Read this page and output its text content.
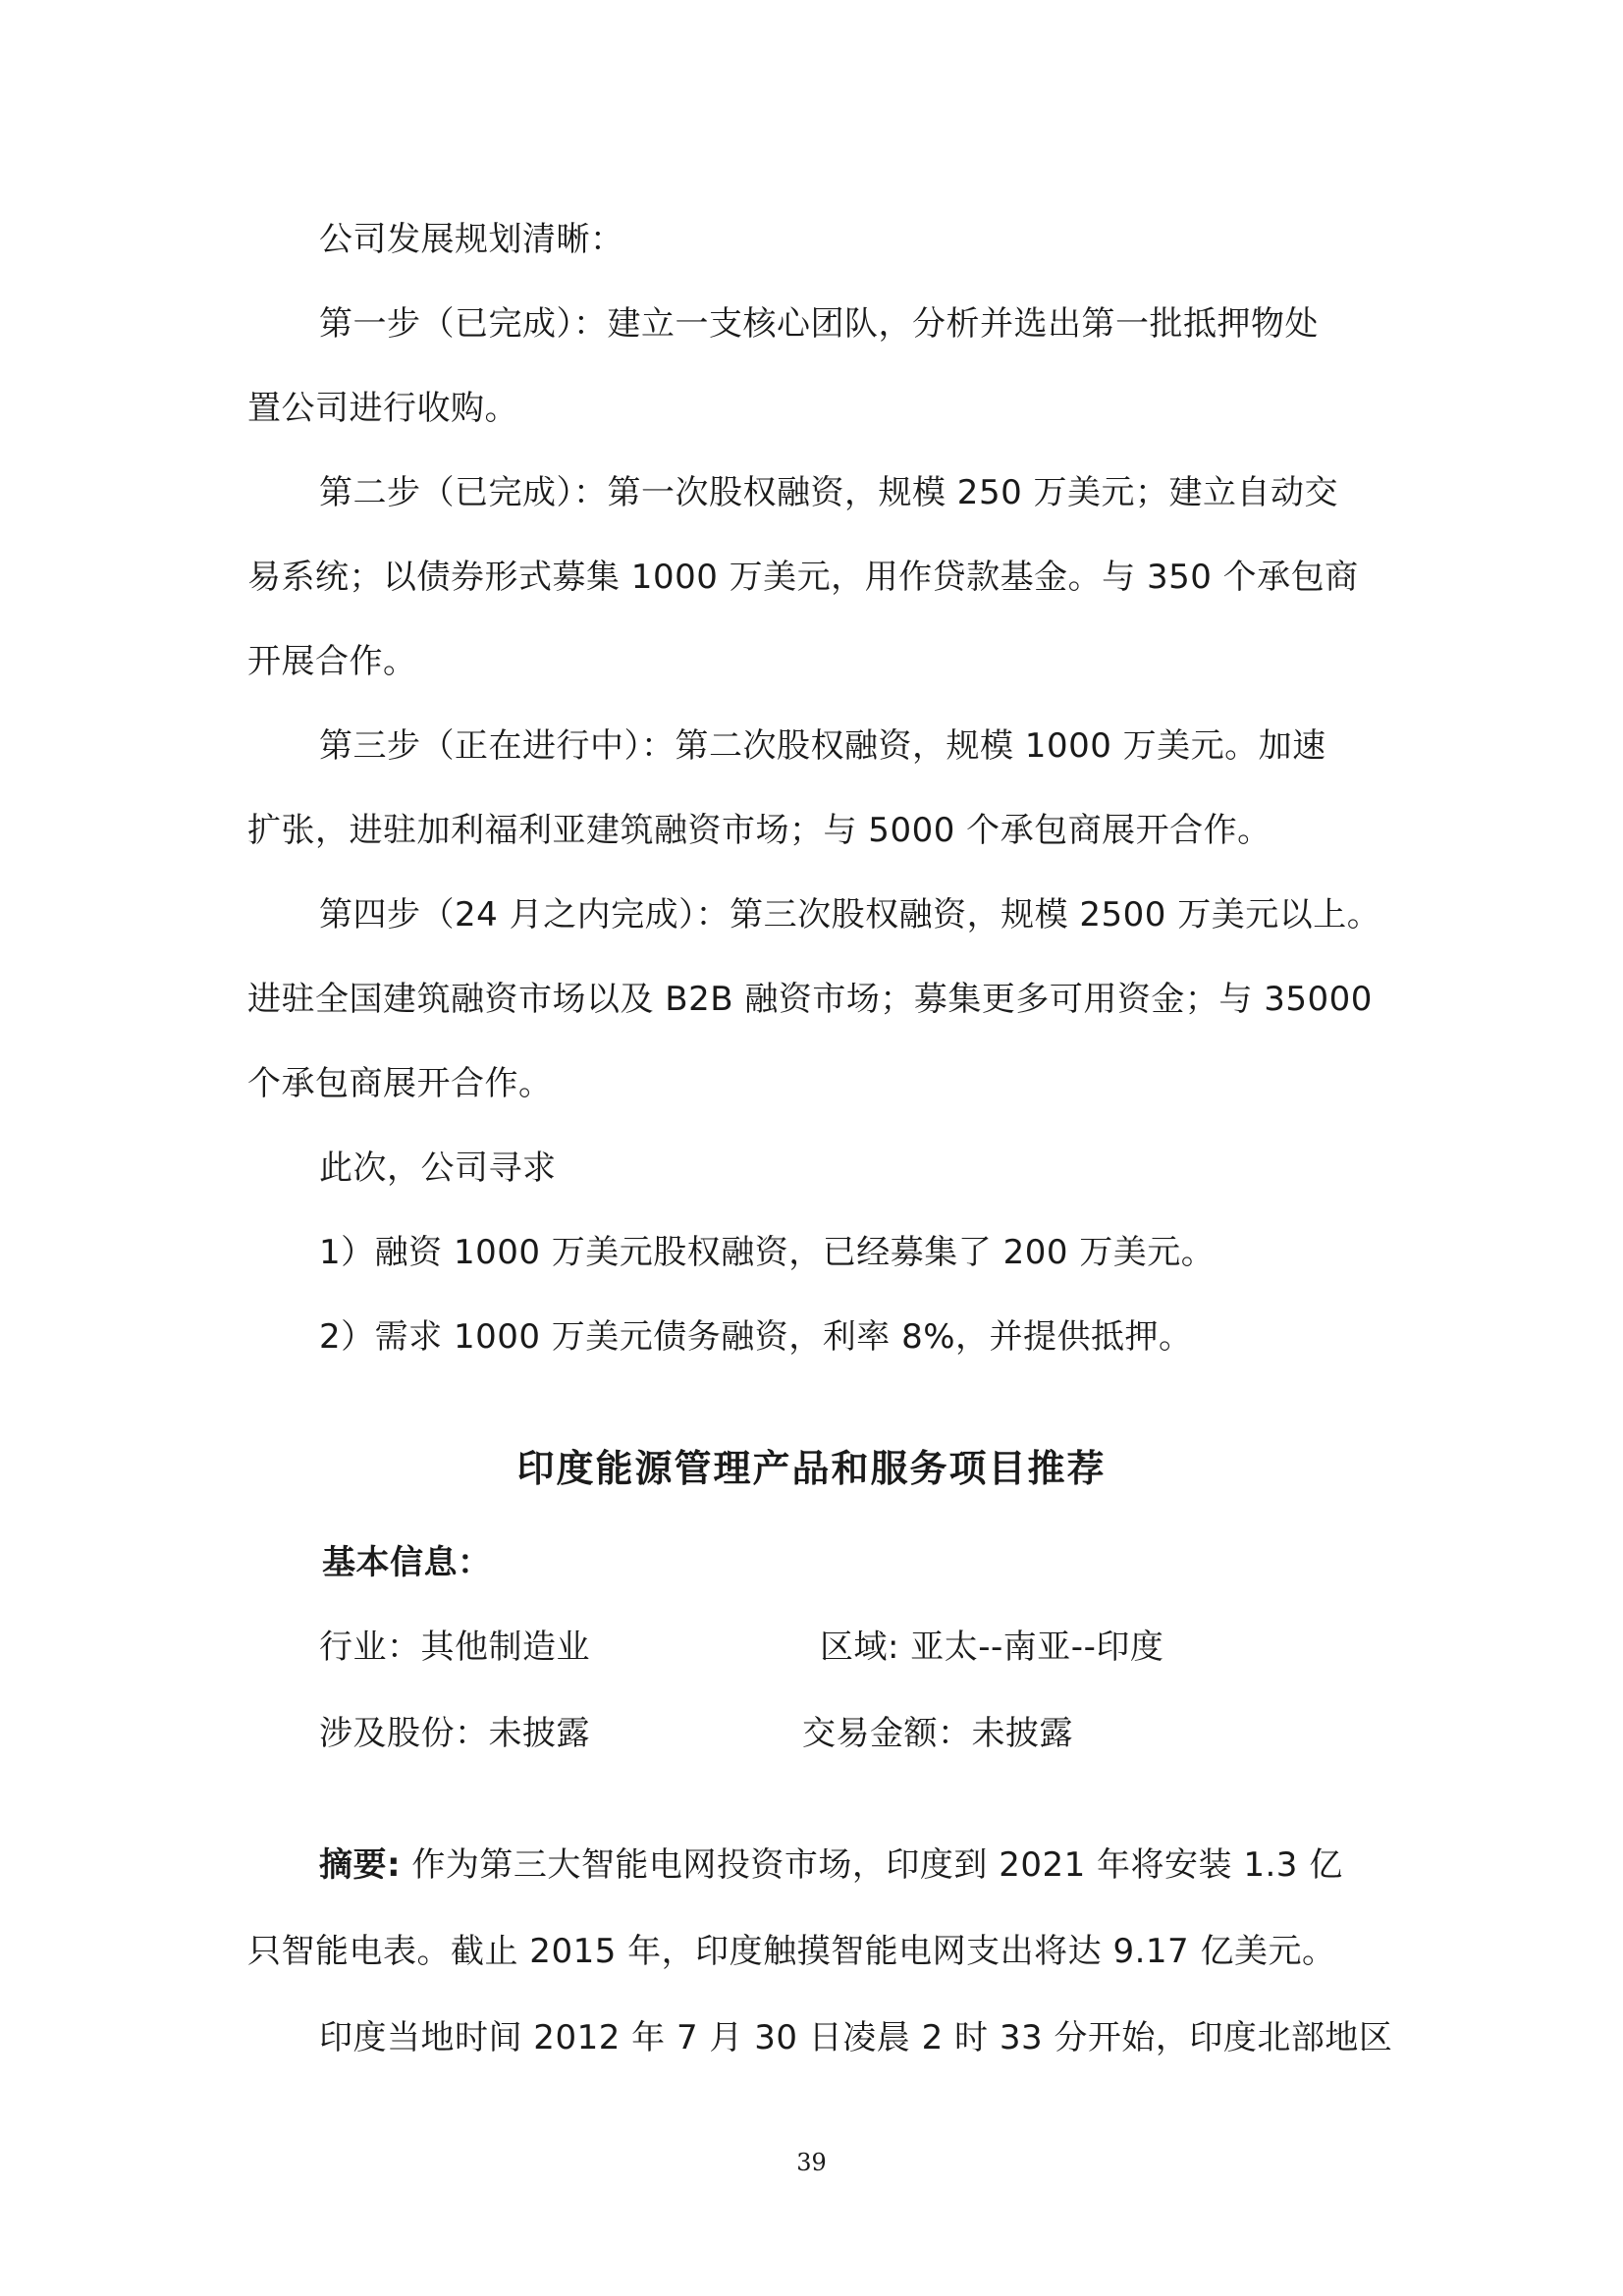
公司发展规划清晰：
第一步（已完成）：建立一支核心团队，分析并选出第一批抵押物处
置公司进行收购。
第二步（已完成）：第一次股权融资，规模 250 万美元；建立自动交
易系统；以债券形式募集 1000 万美元，用作贷款基金。与 350 个承包商
开展合作。
第三步（正在进行中）：第二次股权融资，规模 1000 万美元。加速
扩张，进驻加利福利亚建筑融资市场；与 5000 个承包商展开合作。
第四步（24 月之内完成）：第三次股权融资，规模 2500 万美元以上。
进驻全国建筑融资市场以及 B2B 融资市场；募集更多可用资金；与 35000
个承包商展开合作。
此次，公司寻求
1）融资 1000 万美元股权融资，已经募集了 200 万美元。
2）需求 1000 万美元债务融资，利率 8%，并提供抵押。
印度能源管理产品和服务项目推荐
基本信息：
行业：其他制造业	区域: 亚太--南亚--印度
涉及股份：未披露	交易金额：未披露
摘要: 作为第三大智能电网投资市场，印度到 2021 年将安装 1.3 亿
只智能电表。截止 2015 年，印度触摸智能电网支出将达 9.17 亿美元。
印度当地时间 2012 年 7 月 30 日凌晨 2 时 33 分开始，印度北部地区
39
